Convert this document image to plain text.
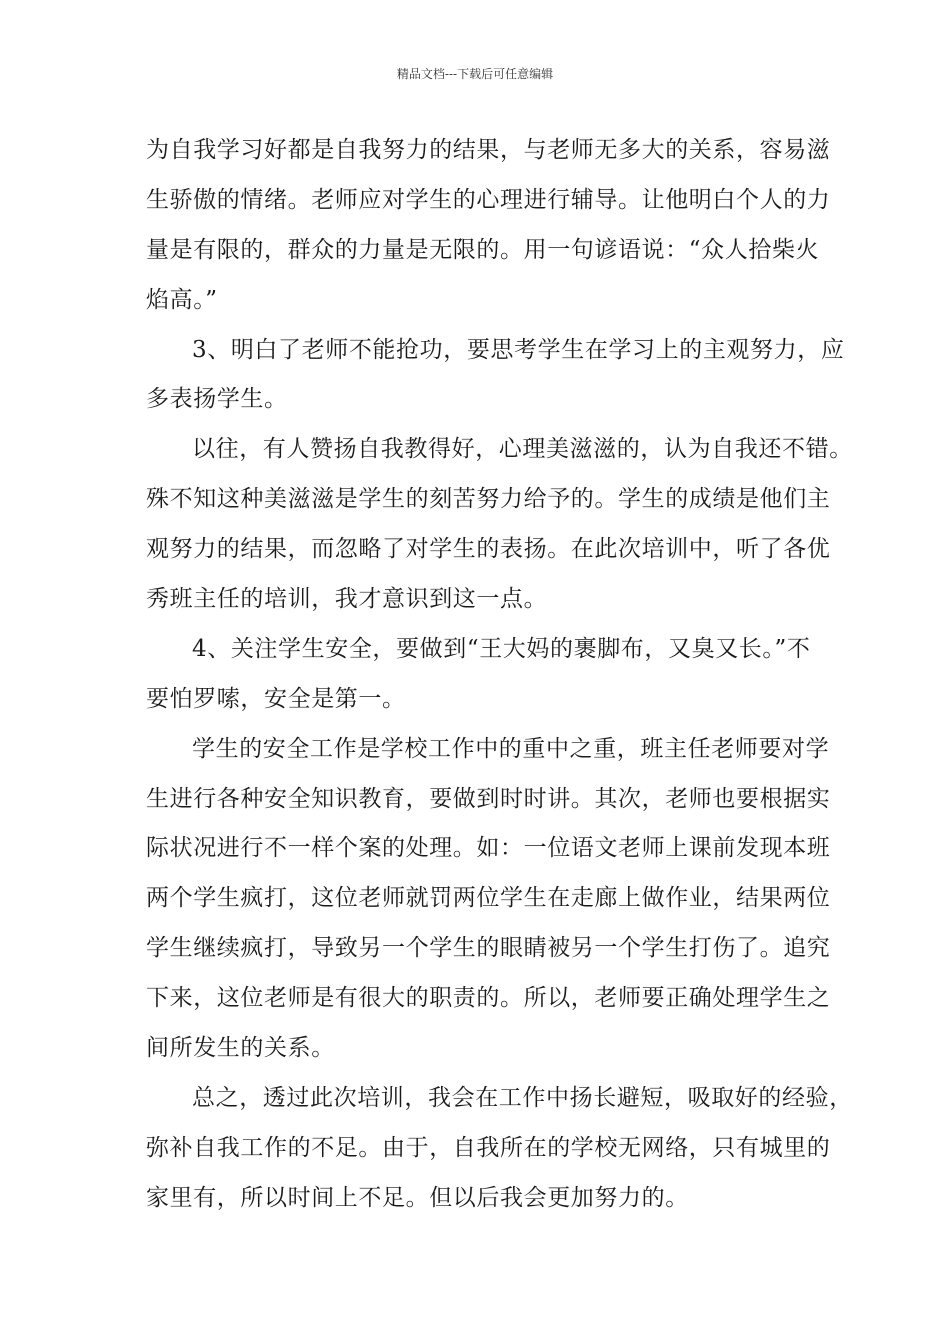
精品文档---下载后可任意编辑
为自我学习好都是自我努力的结果，与老师无多大的关系，容易滋
生骄傲的情绪。老师应对学生的心理进行辅导。让他明白个人的力
量是有限的，群众的力量是无限的。用一句谚语说：“众人拾柴火
焰高。”
3、明白了老师不能抢功，要思考学生在学习上的主观努力，应
多表扬学生。
以往，有人赞扬自我教得好，心理美滋滋的，认为自我还不错。
殊不知这种美滋滋是学生的刻苦努力给予的。学生的成绩是他们主
观努力的结果，而忽略了对学生的表扬。在此次培训中，听了各优
秀班主任的培训，我才意识到这一点。
4、关注学生安全，要做到“王大妈的裹脚布，又臭又长。”不
要怕罗嗦，安全是第一。
学生的安全工作是学校工作中的重中之重，班主任老师要对学
生进行各种安全知识教育，要做到时时讲。其次，老师也要根据实
际状况进行不一样个案的处理。如：一位语文老师上课前发现本班
两个学生疯打，这位老师就罚两位学生在走廊上做作业，结果两位
学生继续疯打，导致另一个学生的眼睛被另一个学生打伤了。追究
下来，这位老师是有很大的职责的。所以，老师要正确处理学生之
间所发生的关系。
总之，透过此次培训，我会在工作中扬长避短，吸取好的经验，
弥补自我工作的不足。由于，自我所在的学校无网络，只有城里的
家里有，所以时间上不足。但以后我会更加努力的。
